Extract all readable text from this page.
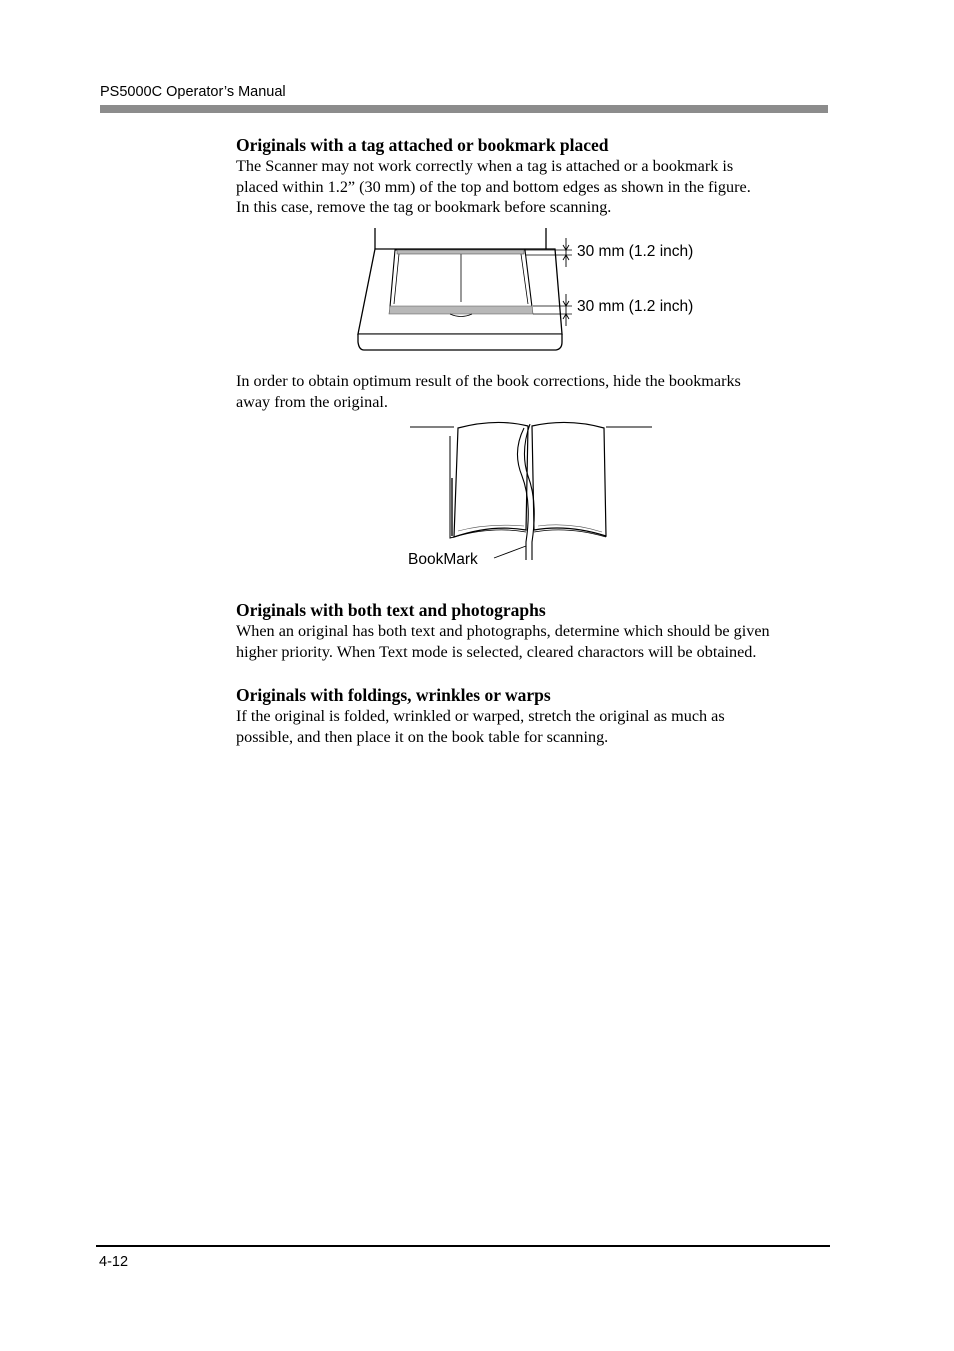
PS5000C Operator’s Manual
Originals with a tag attached or bookmark placed
The Scanner may not work correctly when a tag is attached or a bookmark is
placed within 1.2” (30 mm) of the top and bottom edges as shown in the figure.
In this case, remove the tag or bookmark before scanning.
30 mm (1.2 inch)
30 mm (1.2 inch)
In order to obtain optimum result of the book corrections, hide the bookmarks
away from the original.
BookMark
Originals with both text and photographs
When an original has both text and photographs, determine which should be given
higher priority. When Text mode is selected, cleared charactors will be obtained.
Originals with foldings, wrinkles or warps
If the original is folded, wrinkled or warped, stretch the original as much as
possible, and then place it on the book table for scanning.
4-12
